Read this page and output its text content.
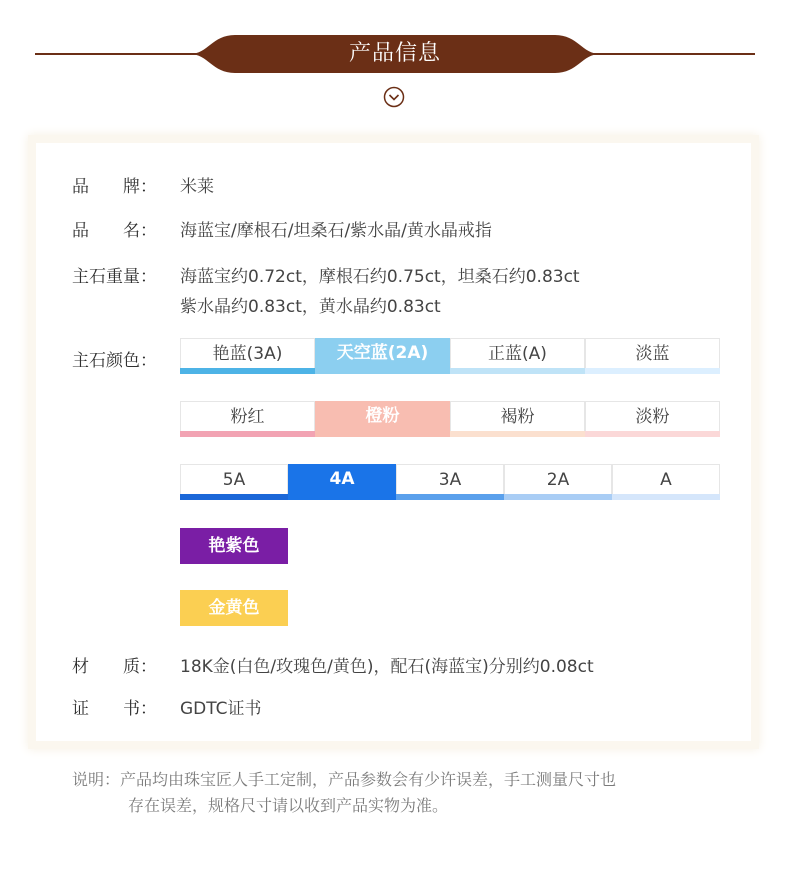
产品信息
品　　牌： 米莱
品　　名： 海蓝宝/摩根石/坦桑石/紫水晶/黄水晶戒指
主石重量： 海蓝宝约0.72ct，摩根石约0.75ct，坦桑石约0.83ct
紫水晶约0.83ct，黄水晶约0.83ct
主石颜色：	艳蓝(3A)	天空蓝(2A)	正蓝(A)	淡蓝
粉红	橙粉	褐粉	淡粉
5A	4A	3A	2A	A
艳紫色
金黄色
材　　质： 18K金(白色/玫瑰色/黄色)，配石(海蓝宝)分别约0.08ct
证　　书： GDTC证书
说明：产品均由珠宝匠人手工定制，产品参数会有少许误差，手工测量尺寸也
存在误差，规格尺寸请以收到产品实物为准。
